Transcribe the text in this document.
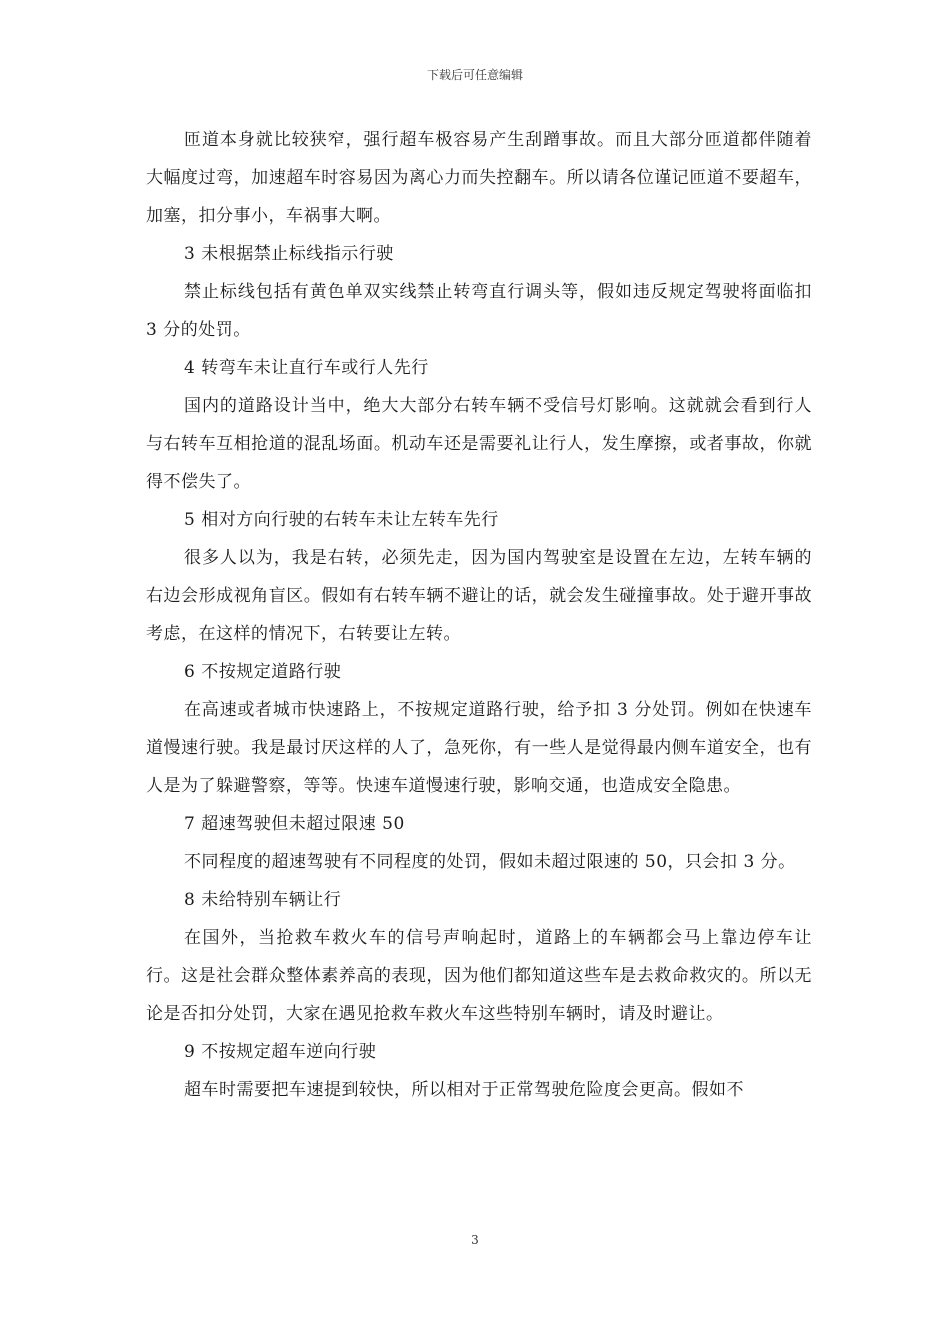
下载后可任意编辑

匝道本身就比较狭窄，强行超车极容易产生刮蹭事故。而且大部分匝道都伴随着大幅度过弯，加速超车时容易因为离心力而失控翻车。所以请各位谨记匝道不要超车，加塞，扣分事小，车祸事大啊。

3 未根据禁止标线指示行驶

禁止标线包括有黄色单双实线禁止转弯直行调头等，假如违反规定驾驶将面临扣 3 分的处罚。

4 转弯车未让直行车或行人先行

国内的道路设计当中，绝大大部分右转车辆不受信号灯影响。这就就会看到行人与右转车互相抢道的混乱场面。机动车还是需要礼让行人，发生摩擦，或者事故，你就得不偿失了。

5 相对方向行驶的右转车未让左转车先行

很多人以为，我是右转，必须先走，因为国内驾驶室是设置在左边，左转车辆的右边会形成视角盲区。假如有右转车辆不避让的话，就会发生碰撞事故。处于避开事故考虑，在这样的情况下，右转要让左转。

6 不按规定道路行驶

在高速或者城市快速路上，不按规定道路行驶，给予扣 3 分处罚。例如在快速车道慢速行驶。我是最讨厌这样的人了，急死你，有一些人是觉得最内侧车道安全，也有人是为了躲避警察，等等。快速车道慢速行驶，影响交通，也造成安全隐患。

7 超速驾驶但未超过限速 50

不同程度的超速驾驶有不同程度的处罚，假如未超过限速的 50，只会扣 3 分。

8 未给特别车辆让行

在国外，当抢救车救火车的信号声响起时，道路上的车辆都会马上靠边停车让行。这是社会群众整体素养高的表现，因为他们都知道这些车是去救命救灾的。所以无论是否扣分处罚，大家在遇见抢救车救火车这些特别车辆时，请及时避让。

9 不按规定超车逆向行驶

超车时需要把车速提到较快，所以相对于正常驾驶危险度会更高。假如不

3
